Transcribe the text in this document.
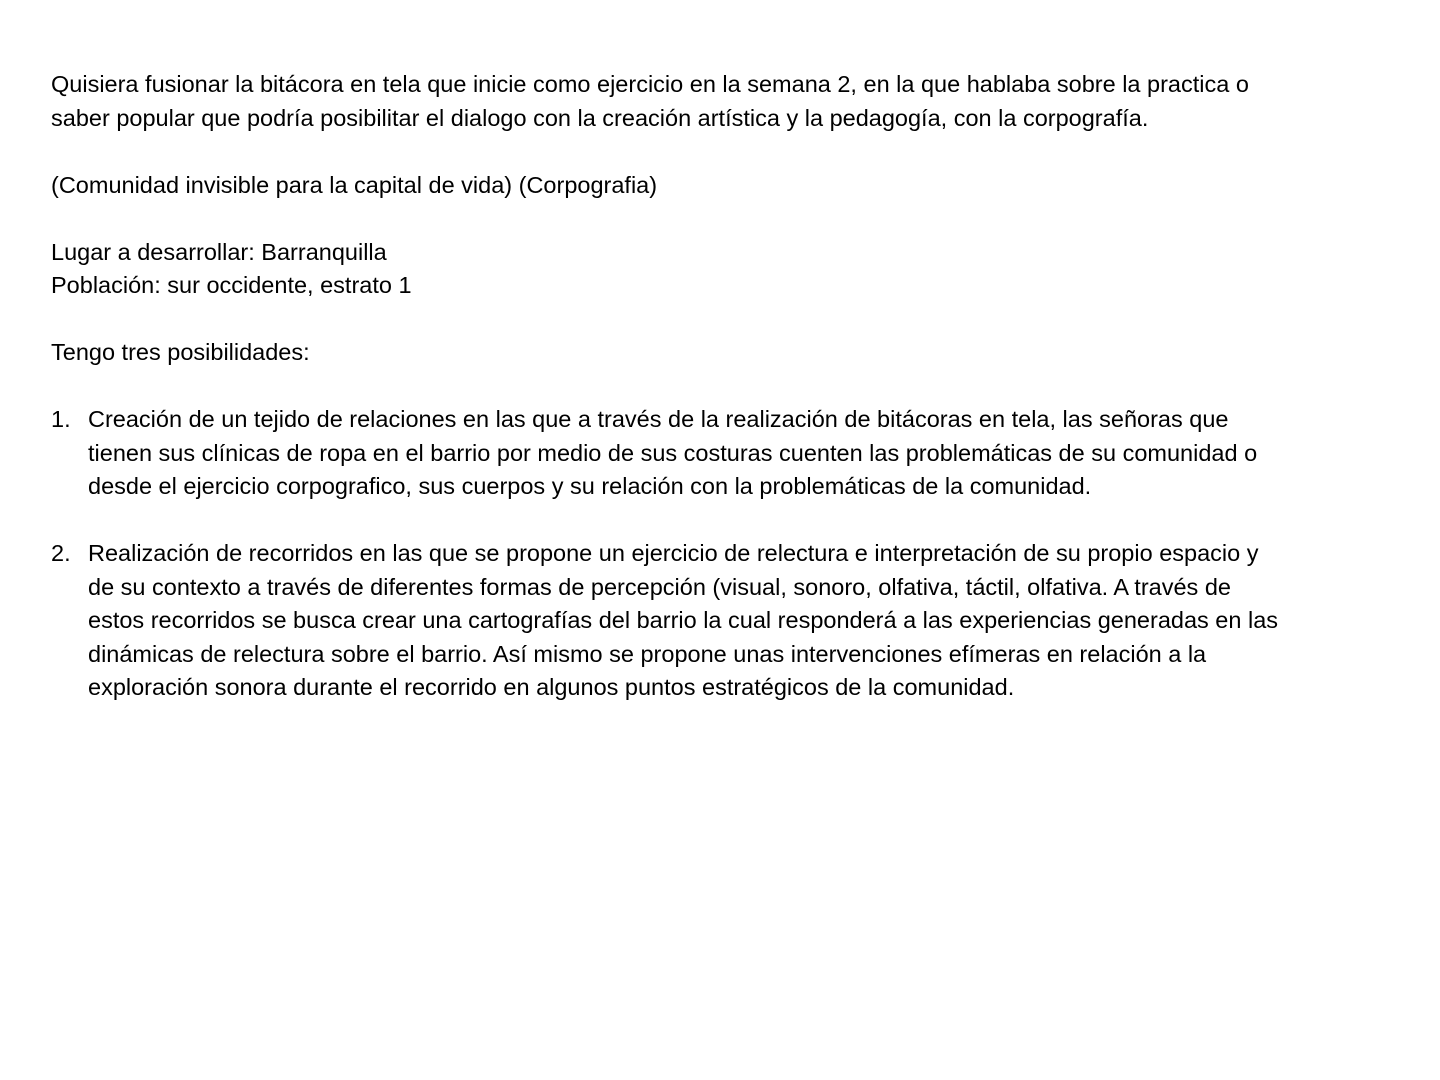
Quisiera fusionar la bitácora en tela que inicie como ejercicio en la semana 2, en la que hablaba sobre la practica o
saber popular que podría posibilitar el dialogo con la creación artística y la pedagogía, con la corpografía.

(Comunidad invisible para la capital de vida) (Corpografia)

Lugar a desarrollar: Barranquilla
Población: sur occidente, estrato 1

Tengo tres posibilidades:

1. Creación de un tejido de relaciones en las que a través de la realización de bitácoras en tela, las señoras que
tienen sus clínicas de ropa en el barrio por medio de sus costuras cuenten las problemáticas de su comunidad o
desde el ejercicio corpografico, sus cuerpos y su relación con la problemáticas de la comunidad.
2. Realización de recorridos en las que se propone un ejercicio de relectura e interpretación de su propio espacio y
de su contexto a través de diferentes formas de percepción (visual, sonoro, olfativa, táctil, olfativa. A través de
estos recorridos se busca crear una cartografías del barrio la cual responderá a las experiencias generadas en las
dinámicas de relectura sobre el barrio. Así mismo se propone unas intervenciones efímeras en relación a la
exploración sonora durante el recorrido en algunos puntos estratégicos de la comunidad.
